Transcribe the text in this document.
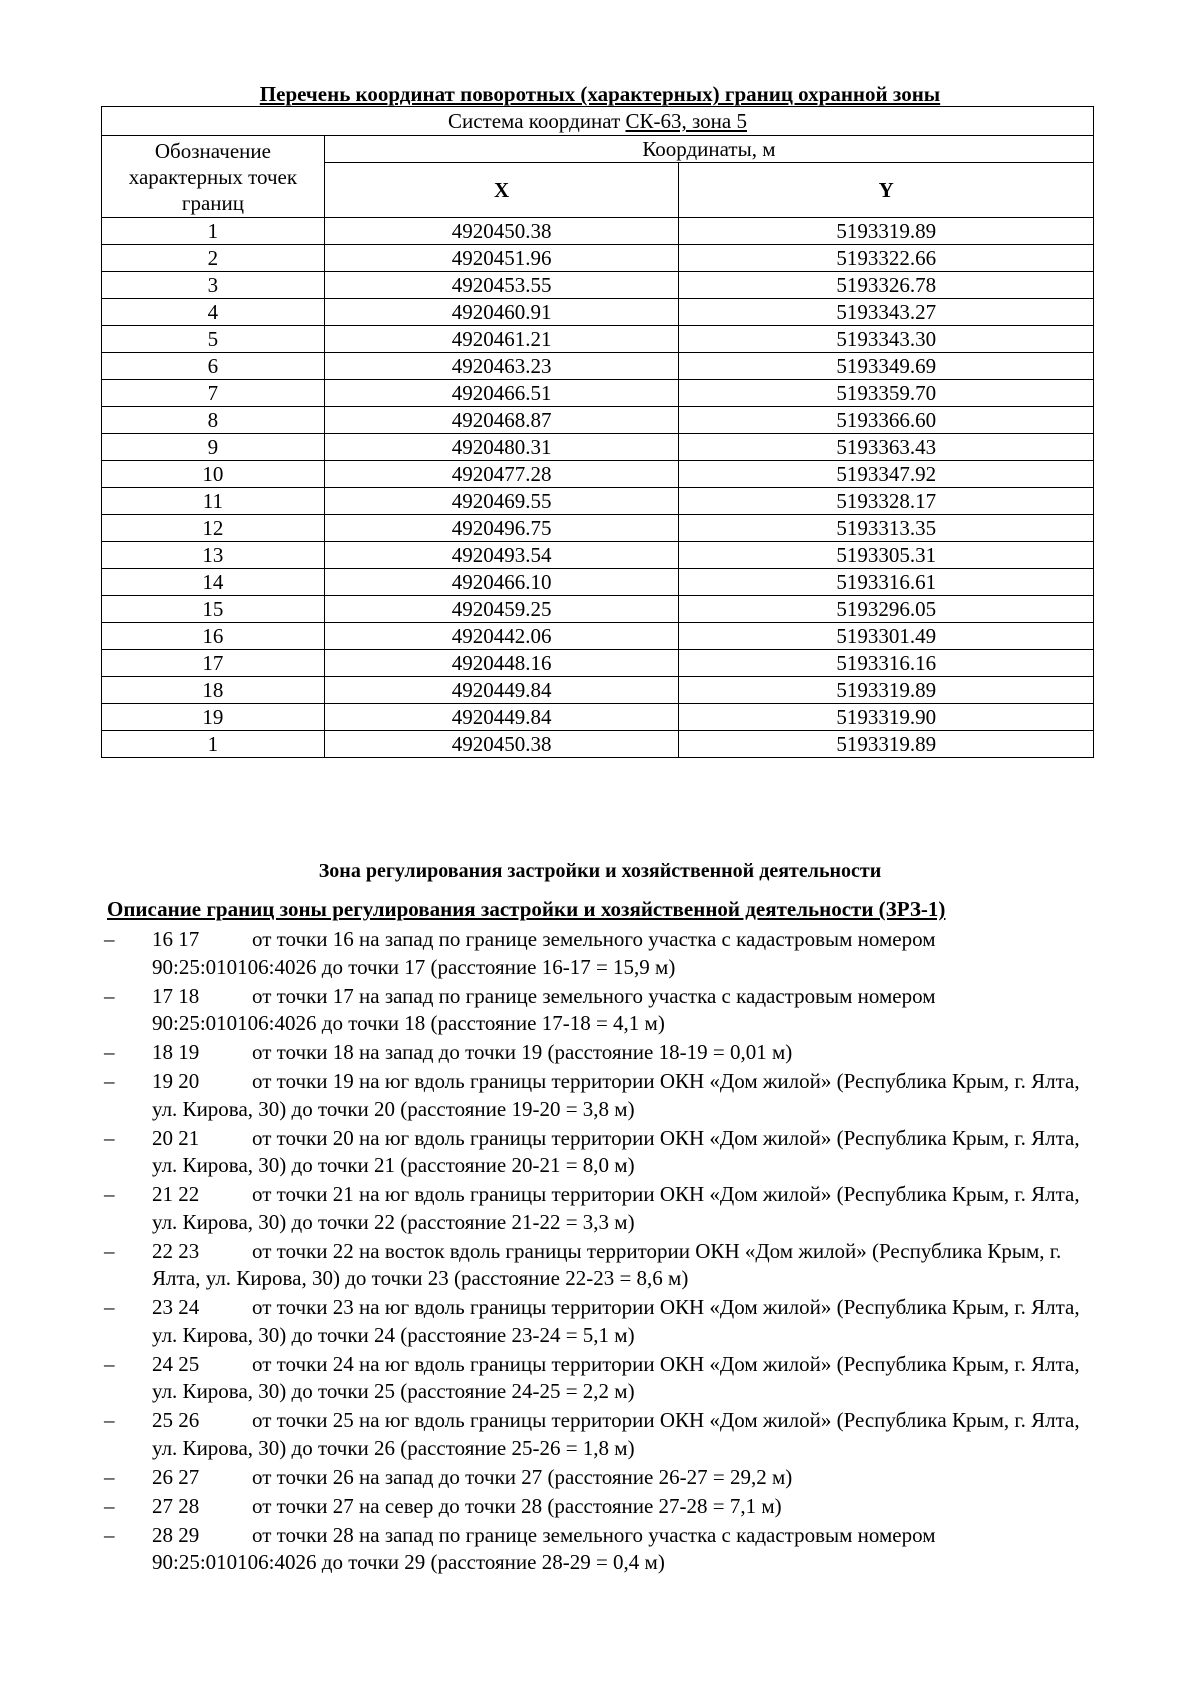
Перечень координат поворотных (характерных) границ охранной зоны
Система координат СК-63, зона 5		
Обозначение характерных точек границ	Координаты, м	
	X	Y
1	4920450.38	5193319.89
2	4920451.96	5193322.66
3	4920453.55	5193326.78
4	4920460.91	5193343.27
5	4920461.21	5193343.30
6	4920463.23	5193349.69
7	4920466.51	5193359.70
8	4920468.87	5193366.60
9	4920480.31	5193363.43
10	4920477.28	5193347.92
11	4920469.55	5193328.17
12	4920496.75	5193313.35
13	4920493.54	5193305.31
14	4920466.10	5193316.61
15	4920459.25	5193296.05
16	4920442.06	5193301.49
17	4920448.16	5193316.16
18	4920449.84	5193319.89
19	4920449.84	5193319.90
1	4920450.38	5193319.89
Зона регулирования застройки и хозяйственной деятельности
Описание границ зоны регулирования застройки и хозяйственной деятельности (ЗРЗ-1)
–	16 17	от точки 16 на запад по границе земельного участка с кадастровым номером 90:25:010106:4026 до точки 17 (расстояние 16-17 = 15,9 м)
–	17 18	от точки 17 на запад по границе земельного участка с кадастровым номером 90:25:010106:4026 до точки 18 (расстояние 17-18 = 4,1 м)
–	18 19	от точки 18 на запад до точки 19 (расстояние 18-19 = 0,01 м)
–	19 20	от точки 19 на юг вдоль границы территории ОКН «Дом жилой» (Республика Крым, г. Ялта, ул. Кирова, 30) до точки 20 (расстояние 19-20 = 3,8 м)
–	20 21	от точки 20 на юг вдоль границы территории ОКН «Дом жилой» (Республика Крым, г. Ялта, ул. Кирова, 30) до точки 21 (расстояние 20-21 = 8,0 м)
–	21 22	от точки 21 на юг вдоль границы территории ОКН «Дом жилой» (Республика Крым, г. Ялта, ул. Кирова, 30) до точки 22 (расстояние 21-22 = 3,3 м)
–	22 23	от точки 22 на восток вдоль границы территории ОКН «Дом жилой» (Республика Крым, г. Ялта, ул. Кирова, 30) до точки 23 (расстояние 22-23 = 8,6 м)
–	23 24	от точки 23 на юг вдоль границы территории ОКН «Дом жилой» (Республика Крым, г. Ялта, ул. Кирова, 30) до точки 24 (расстояние 23-24 = 5,1 м)
–	24 25	от точки 24 на юг вдоль границы территории ОКН «Дом жилой» (Республика Крым, г. Ялта, ул. Кирова, 30) до точки 25 (расстояние 24-25 = 2,2 м)
–	25 26	от точки 25 на юг вдоль границы территории ОКН «Дом жилой» (Республика Крым, г. Ялта, ул. Кирова, 30) до точки 26 (расстояние 25-26 = 1,8 м)
–	26 27	от точки 26 на запад до точки 27 (расстояние 26-27 = 29,2 м)
–	27 28	от точки 27 на север до точки 28 (расстояние 27-28 = 7,1 м)
–	28 29	от точки 28 на запад по границе земельного участка с кадастровым номером 90:25:010106:4026 до точки 29 (расстояние 28-29 = 0,4 м)
